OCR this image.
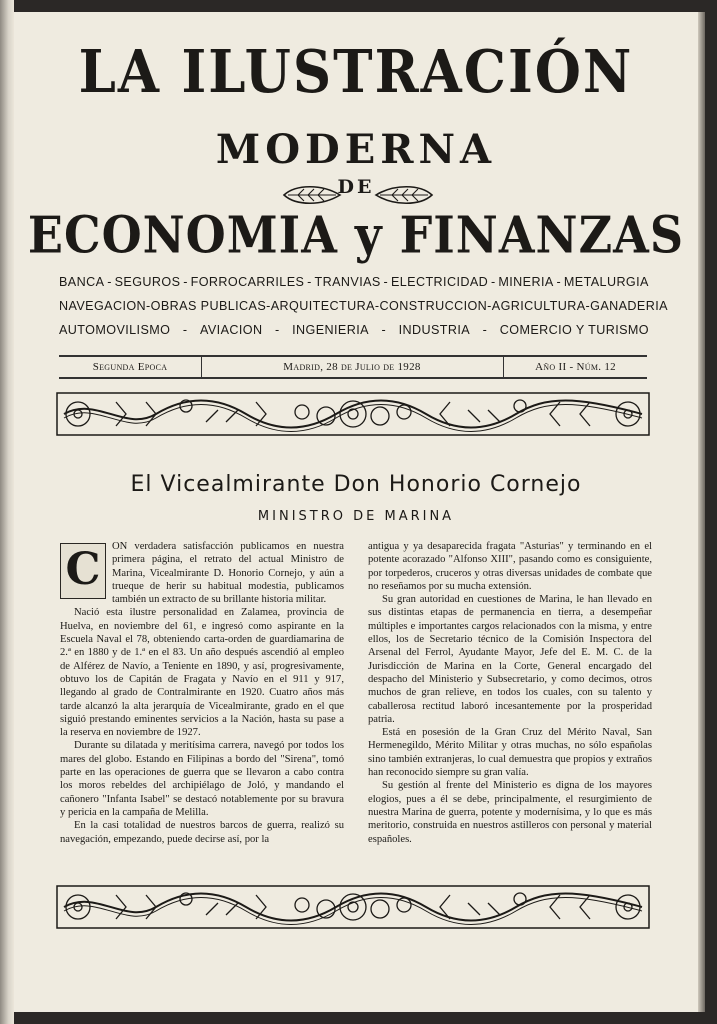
LA ILUSTRACIÓN
MODERNA
DE
ECONOMIA y FINANZAS
BANCA - SEGUROS - FORROCARRILES - TRANVIAS - ELECTRICIDAD - MINERIA - METALURGIA
NAVEGACION - OBRAS PUBLICAS - ARQUITECTURA - CONSTRUCCION - AGRICULTURA - GANADERIA
AUTOMOVILISMO - AVIACION - INGENIERIA - INDUSTRIA - COMERCIO Y TURISMO
Segunda Epoca	Madrid, 28 de Julio de 1928	Año II - Núm. 12
El Vicealmirante Don Honorio Cornejo
MINISTRO DE MARINA
C	ON verdadera satisfacción publicamos en nuestra primera página, el retrato del actual Ministro de Marina, Vicealmirante D. Honorio Cornejo, y aún a trueque de herir su habitual modestia, publicamos también un extracto de su brillante historia militar.

Nació esta ilustre personalidad en Zalamea, provincia de Huelva, en noviembre del 61, e ingresó como aspirante en la Escuela Naval el 78, obteniendo carta-orden de guardiamarina de 2.ª en 1880 y de 1.ª en el 83. Un año después ascendió al empleo de Alférez de Navío, a Teniente en 1890, y así, progresivamente, obtuvo los de Capitán de Fragata y Navío en el 911 y 917, llegando al grado de Contralmirante en 1920. Cuatro años más tarde alcanzó la alta jerarquía de Vicealmirante, grado en el que siguió prestando eminentes servicios a la Nación, hasta su pase a la reserva en noviembre de 1927.

Durante su dilatada y meritísima carrera, navegó por todos los mares del globo. Estando en Filipinas a bordo del "Sirena", tomó parte en las operaciones de guerra que se llevaron a cabo contra los moros rebeldes del archipiélago de Joló, y mandando el cañonero "Infanta Isabel" se destacó notablemente por su bravura y pericia en la campaña de Melilla.

En la casi totalidad de nuestros barcos de guerra, realizó su navegación, empezando, puede decirse así, por la

antigua y ya desaparecida fragata "Asturias" y terminando en el potente acorazado "Alfonso XIII", pasando como es consiguiente, por torpederos, cruceros y otras diversas unidades de combate que no reseñamos por su mucha extensión.

Su gran autoridad en cuestiones de Marina, le han llevado en sus distintas etapas de permanencia en tierra, a desempeñar múltiples e importantes cargos relacionados con la misma, y entre ellos, los de Secretario técnico de la Comisión Inspectora del Arsenal del Ferrol, Ayudante Mayor, Jefe del E. M. C. de la Jurisdicción de Marina en la Corte, General encargado del despacho del Ministerio y Subsecretario, y como decimos, otros muchos de gran relieve, en todos los cuales, con su talento y caballerosa rectitud laboró incesantemente por la prosperidad patria.

Está en posesión de la Gran Cruz del Mérito Naval, San Hermenegildo, Mérito Militar y otras muchas, no sólo españolas sino también extranjeras, lo cual demuestra que propios y extraños han reconocido siempre su gran valía.

Su gestión al frente del Ministerio es digna de los mayores elogios, pues a él se debe, principalmente, el resurgimiento de nuestra Marina de guerra, potente y modernísima, y lo que es más meritorio, construida en nuestros astilleros con personal y material españoles.
